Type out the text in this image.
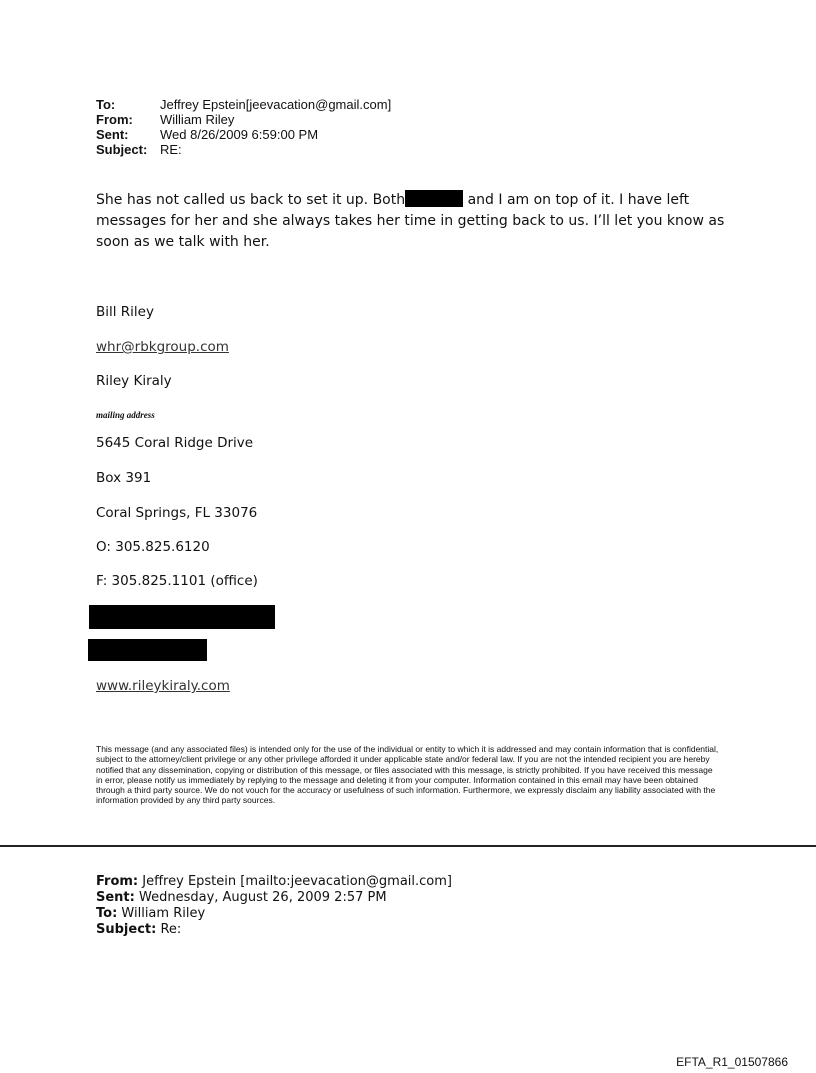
To:	Jeffrey Epstein[jeevacation@gmail.com]
From:	William Riley
Sent:	Wed 8/26/2009 6:59:00 PM
Subject: RE:

She has not called us back to set it up. Both	and I am on top of it. I have left messages for her and she always takes her time in getting back to us. I’ll let you know as soon as we talk with her.

Bill Riley
whr@rbkgroup.com
Riley Kiraly
mailing address
5645 Coral Ridge Drive
Box 391
Coral Springs, FL 33076
O: 305.825.6120
F: 305.825.1101 (office)
www.rileykiraly.com

This message (and any associated files) is intended only for the use of the individual or entity to which it is addressed and may contain information that is confidential, subject to the attorney/client privilege or any other privilege afforded it under applicable state and/or federal law. If you are not the intended recipient you are hereby notified that any dissemination, copying or distribution of this message, or files associated with this message, is strictly prohibited. If you have received this message in error, please notify us immediately by replying to the message and deleting it from your computer. Information contained in this email may have been obtained through a third party source. We do not vouch for the accuracy or usefulness of such information. Furthermore, we expressly disclaim any liability associated with the information provided by any third party sources.

From: Jeffrey Epstein [mailto:jeevacation@gmail.com]
Sent: Wednesday, August 26, 2009 2:57 PM
To: William Riley
Subject: Re:
EFTA_R1_01507866
